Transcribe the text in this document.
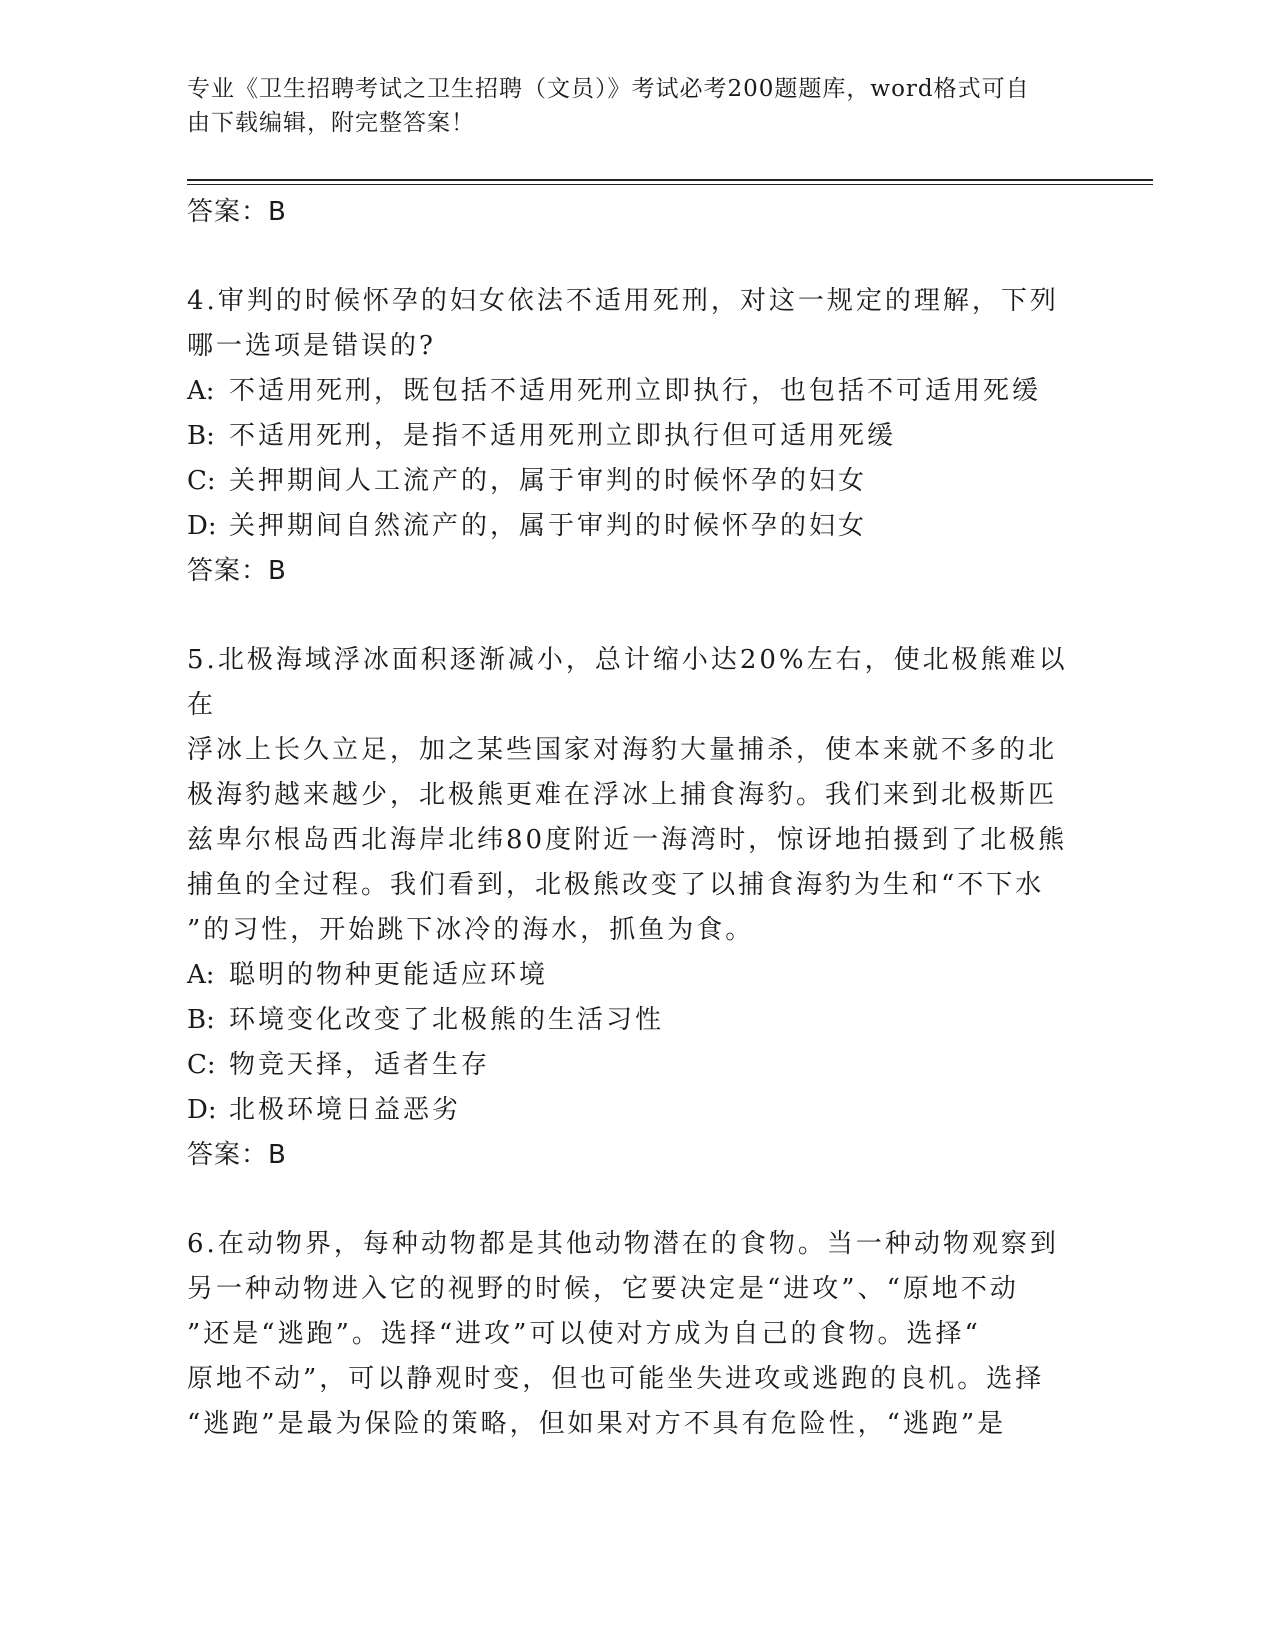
专业《卫生招聘考试之卫生招聘（文员）》考试必考200题题库，word格式可自
由下载编辑，附完整答案！
答案：B
4.审判的时候怀孕的妇女依法不适用死刑，对这一规定的理解，下列
哪一选项是错误的?
A: 不适用死刑，既包括不适用死刑立即执行，也包括不可适用死缓
B: 不适用死刑，是指不适用死刑立即执行但可适用死缓
C: 关押期间人工流产的，属于审判的时候怀孕的妇女
D: 关押期间自然流产的，属于审判的时候怀孕的妇女
答案：B
5.北极海域浮冰面积逐渐减小，总计缩小达20%左右，使北极熊难以在
浮冰上长久立足，加之某些国家对海豹大量捕杀，使本来就不多的北
极海豹越来越少，北极熊更难在浮冰上捕食海豹。我们来到北极斯匹
兹卑尔根岛西北海岸北纬80度附近一海湾时，惊讶地拍摄到了北极熊
捕鱼的全过程。我们看到，北极熊改变了以捕食海豹为生和“不下水
”的习性，开始跳下冰冷的海水，抓鱼为食。
A: 聪明的物种更能适应环境
B: 环境变化改变了北极熊的生活习性
C: 物竞天择，适者生存
D: 北极环境日益恶劣
答案：B
6.在动物界，每种动物都是其他动物潜在的食物。当一种动物观察到
另一种动物进入它的视野的时候，它要决定是“进攻”、“原地不动
”还是“逃跑”。选择“进攻”可以使对方成为自己的食物。选择“
原地不动”，可以静观时变，但也可能坐失进攻或逃跑的良机。选择
“逃跑”是最为保险的策略，但如果对方不具有危险性，“逃跑”是
